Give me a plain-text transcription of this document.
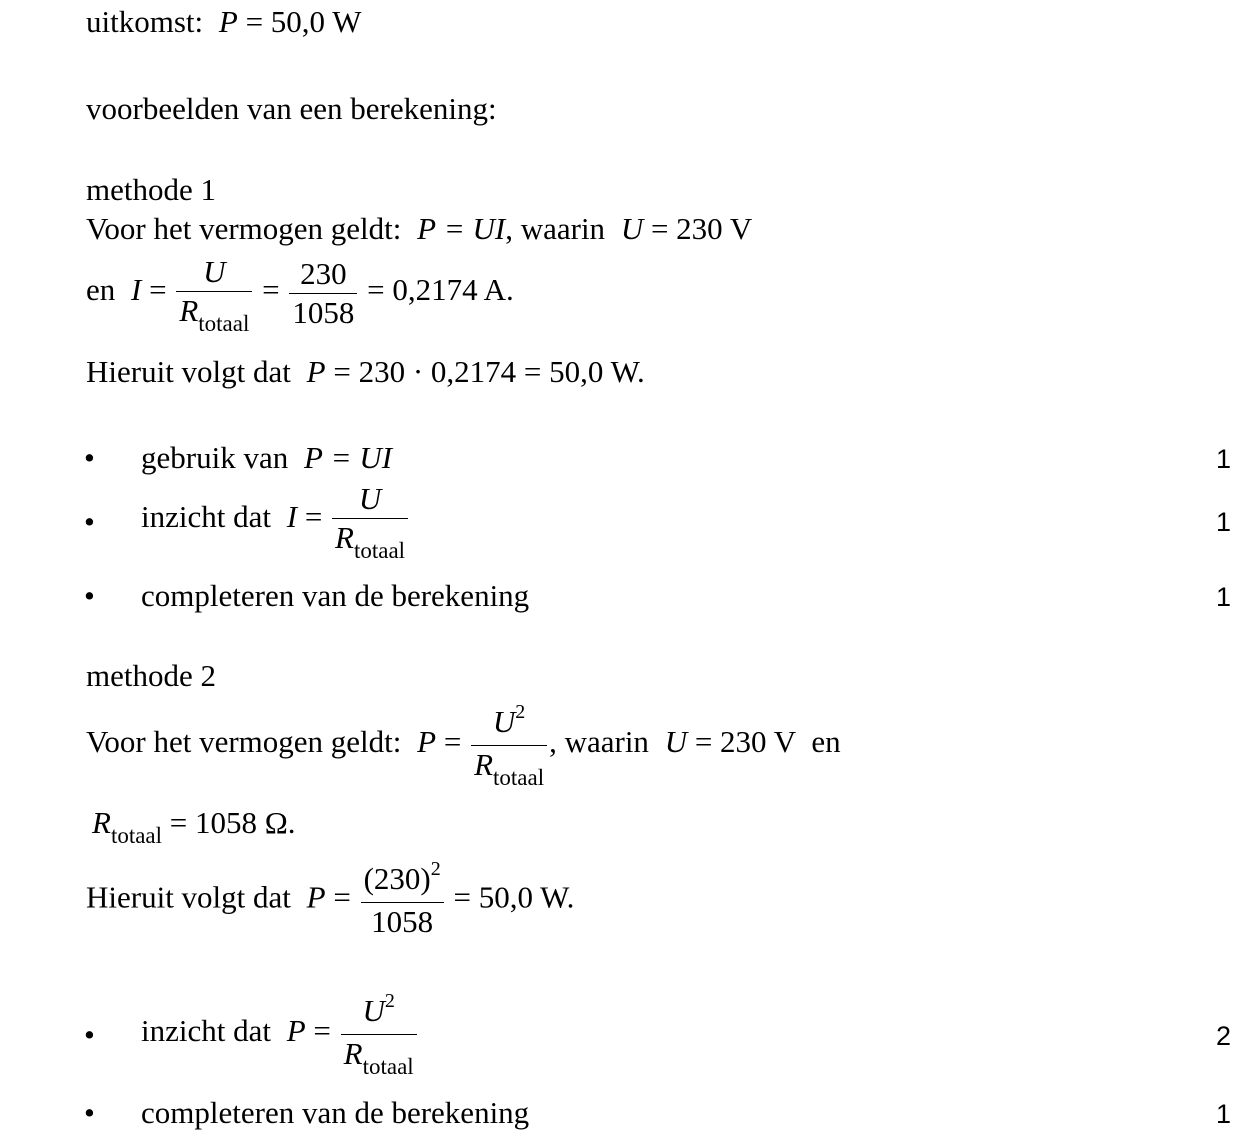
uitkomst: P = 50,0 W
voorbeelden van een berekening:
methode 1
Voor het vermogen geldt: P = UI, waarin U = 230 V
en $I = \frac{U}{R_{totaal}} = \frac{230}{1058} = 0,2174$ A.
Hieruit volgt dat P = 230 · 0,2174 = 50,0 W.
• gebruik van P = UI	1
• inzicht dat $I = \frac{U}{R_{totaal}}$	1
• completeren van de berekening	1
methode 2
Voor het vermogen geldt: $P = \frac{U^2}{R_{totaal}}$ , waarin U = 230 V en
$R_{totaal} = 1058$ Ω.
Hieruit volgt dat $P = \frac{(230)^2}{1058} = 50,0$ W.
• inzicht dat $P = \frac{U^2}{R_{totaal}}$	2
• completeren van de berekening	1
